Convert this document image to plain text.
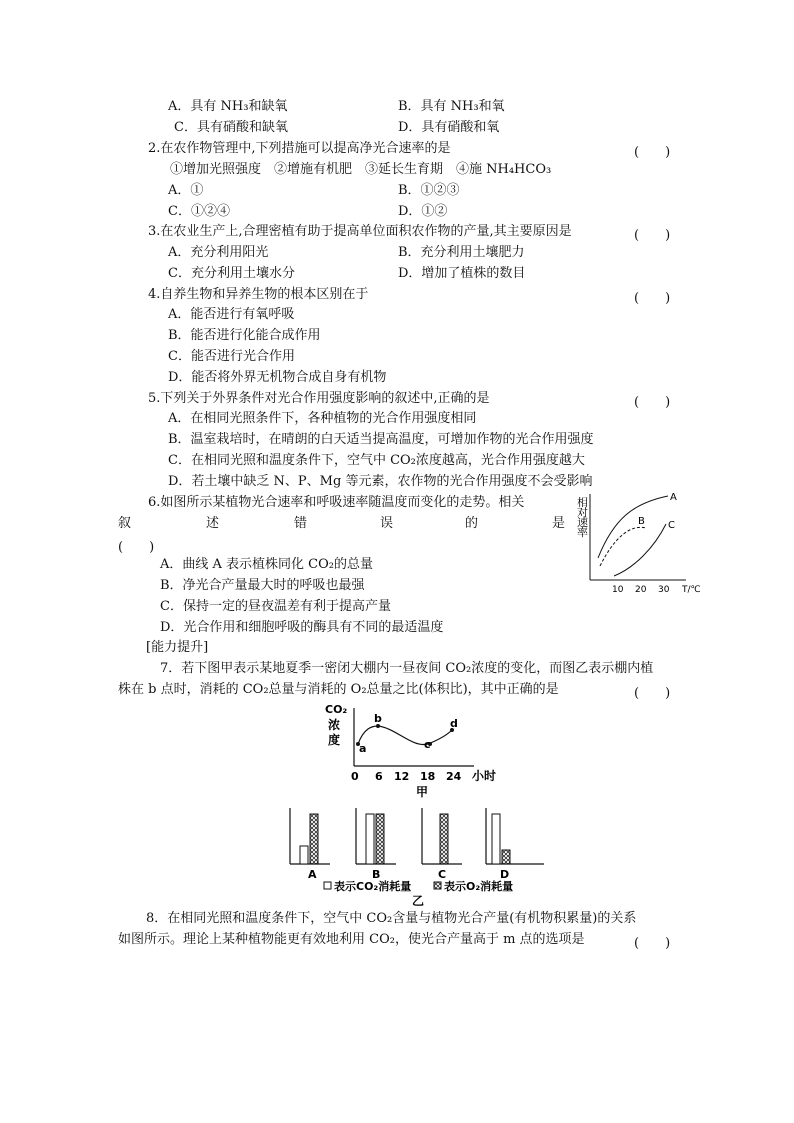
A．具有 NH₃和缺氧	B．具有 NH₃和氧
C．具有硝酸和缺氧	D．具有硝酸和氧
2.在农作物管理中,下列措施可以提高净光合速率的是	(　　)
①增加光照强度　②增施有机肥　③延长生育期　④施 NH₄HCO₃
A．①	B．①②③
C．①②④	D．①②
3.在农业生产上,合理密植有助于提高单位面积农作物的产量,其主要原因是	(　　)
A．充分利用阳光	B．充分利用土壤肥力
C．充分利用土壤水分	D．增加了植株的数目
4.自养生物和异养生物的根本区别在于	(　　)
A．能否进行有氧呼吸
B．能否进行化能合成作用
C．能否进行光合作用
D．能否将外界无机物合成自身有机物
5.下列关于外界条件对光合作用强度影响的叙述中,正确的是	(　　)
A．在相同光照条件下，各种植物的光合作用强度相同
B．温室栽培时，在晴朗的白天适当提高温度，可增加作物的光合作用强度
C．在相同光照和温度条件下，空气中 CO₂浓度越高，光合作用强度越大
D．若土壤中缺乏 N、P、Mg 等元素，农作物的光合作用强度不会受影响
6.如图所示某植物光合速率和呼吸速率随温度而变化的走势。相关
叙	述	错	误	的	是
(　　)
A．曲线 A 表示植株同化 CO₂的总量
B．净光合产量最大时的呼吸也最强
C．保持一定的昼夜温差有利于提高产量
D．光合作用和细胞呼吸的酶具有不同的最适温度
相
对
速
率
A
B C
10 20 30 T/℃
[能力提升]
7．若下图甲表示某地夏季一密闭大棚内一昼夜间 CO₂浓度的变化，而图乙表示棚内植
株在 b 点时，消耗的 CO₂总量与消耗的 O₂总量之比(体积比)，其中正确的是	(　　)
CO₂
浓
度
a
b
c
d
0 6 12 18 24 小时
甲
A	B	C	D
表示CO₂消耗量	表示O₂消耗量
乙
8．在相同光照和温度条件下，空气中 CO₂含量与植物光合产量(有机物积累量)的关系
如图所示。理论上某种植物能更有效地利用 CO₂，使光合产量高于 m 点的选项是	(　　)
